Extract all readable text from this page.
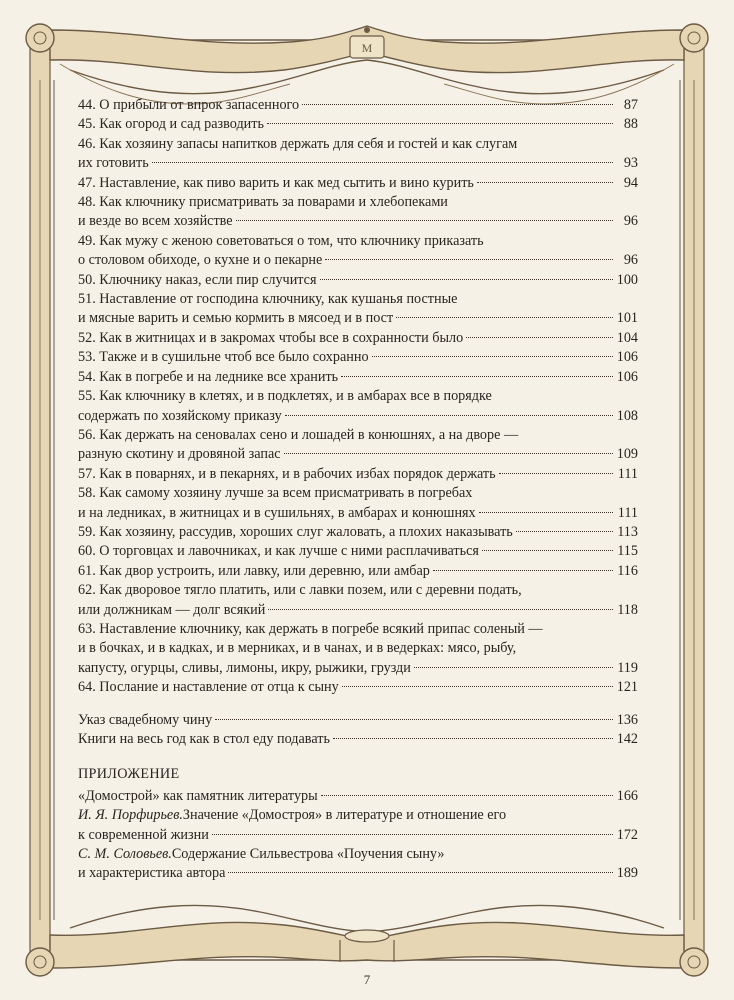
M
44. О прибыли от впрок запасенного	87
45. Как огород и сад разводить	88
46. Как хозяину запасы напитков держать для себя и гостей и как слугам
их готовить	93
47. Наставление, как пиво варить и как мед сытить и вино курить	94
48. Как ключнику присматривать за поварами и хлебопеками
и везде во всем хозяйстве	96
49. Как мужу с женою советоваться о том, что ключнику приказать
о столовом обиходе, о кухне и о пекарне	96
50. Ключнику наказ, если пир случится	100
51. Наставление от господина ключнику, как кушанья постные
и мясные варить и семью кормить в мясоед и в пост	101
52. Как в житницах и в закромах чтобы все в сохранности было	104
53. Также и в сушильне чтоб все было сохранно	106
54. Как в погребе и на леднике все хранить	106
55. Как ключнику в клетях, и в подклетях, и в амбарах все в порядке
содержать по хозяйскому приказу	108
56. Как держать на сеновалах сено и лошадей в конюшнях, а на дворе —
разную скотину и дровяной запас	109
57. Как в поварнях, и в пекарнях, и в рабочих избах порядок держать	111
58. Как самому хозяину лучше за всем присматривать в погребах
и на ледниках, в житницах и в сушильнях, в амбарах и конюшнях	111
59. Как хозяину, рассудив, хороших слуг жаловать, а плохих наказывать	113
60. О торговцах и лавочниках, и как лучше с ними расплачиваться	115
61. Как двор устроить, или лавку, или деревню, или амбар	116
62. Как дворовое тягло платить, или с лавки позем, или с деревни подать,
или должникам — долг всякий	118
63. Наставление ключнику, как держать в погребе всякий припас соленый —
и в бочках, и в кадках, и в мерниках, и в чанах, и в ведерках: мясо, рыбу,
капусту, огурцы, сливы, лимоны, икру, рыжики, грузди	119
64. Послание и наставление от отца к сыну	121
Указ свадебному чину	136
Книги на весь год как в стол еду подавать	142
ПРИЛОЖЕНИЕ
«Домострой» как памятник литературы	166
И. Я. Порфирьев. Значение «Домостроя» в литературе и отношение его
к современной жизни	172
С. М. Соловьев. Содержание Сильвестрова «Поучения сыну»
и характеристика автора	189
7
